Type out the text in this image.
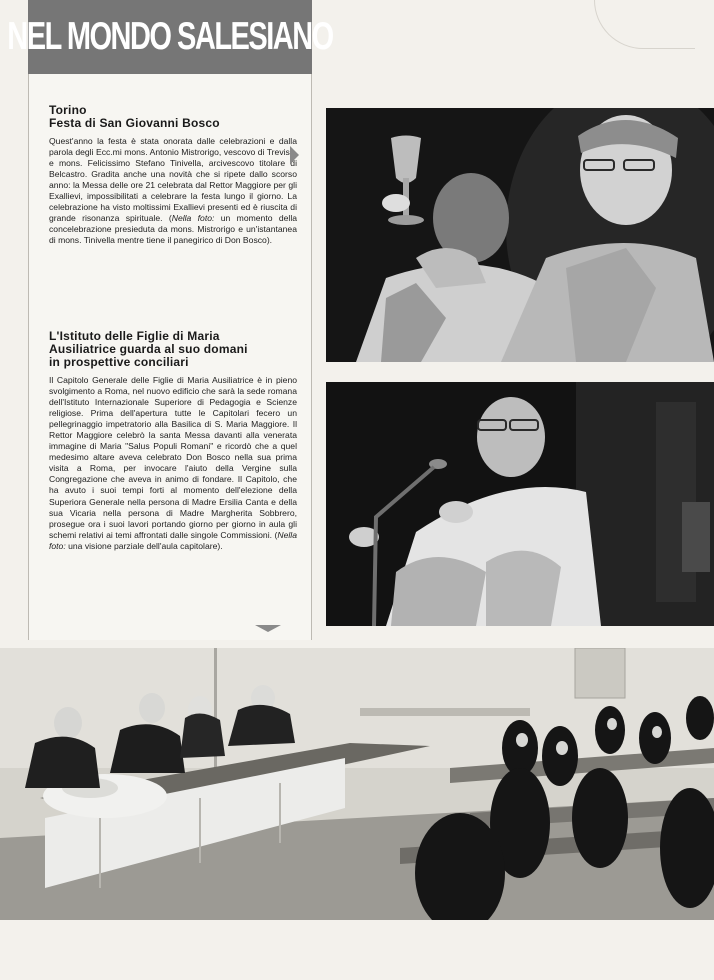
NEL MONDO SALESIANO
Torino
Festa di San Giovanni Bosco

Quest'anno la festa è stata onorata dalle celebrazioni e dalla parola degli Ecc.mi mons. Antonio Mistrorigo, vescovo di Treviso, e mons. Felicissimo Stefano Tinivella, arcivescovo titolare di Belcastro. Gradita anche una novità che si ripete dallo scorso anno: la Messa delle ore 21 celebrata dal Rettor Maggiore per gli Exallievi, impossibilitati a celebrare la festa lungo il giorno. La celebrazione ha visto moltissimi Exallievi presenti ed è riuscita di grande risonanza spirituale. (Nella foto: un momento della concelebrazione presieduta da mons. Mistrorigo e un'istantanea di mons. Tinivella mentre tiene il panegirico di Don Bosco).

L'Istituto delle Figlie di Maria
Ausiliatrice guarda al suo domani
in prospettive conciliari

Il Capitolo Generale delle Figlie di Maria Ausiliatrice è in pieno svolgimento a Roma, nel nuovo edificio che sarà la sede romana dell'Istituto Internazionale Superiore di Pedagogia e Scienze religiose. Prima dell'apertura tutte le Capitolari fecero un pellegrinaggio impetratorio alla Basilica di S. Maria Maggiore. Il Rettor Maggiore celebrò la santa Messa davanti alla venerata immagine di Maria "Salus Populi Romani" e ricordò che a quel medesimo altare aveva celebrato Don Bosco nella sua prima visita a Roma, per invocare l'aiuto della Vergine sulla Congregazione che aveva in animo di fondare. Il Capitolo, che ha avuto i suoi tempi forti al momento dell'elezione della Superiora Generale nella persona di Madre Ersilia Canta e della sua Vicaria nella persona di Madre Margherita Sobbrero, prosegue ora i suoi lavori portando giorno per giorno in aula gli schemi relativi ai temi affrontati dalle singole Commissioni. (Nella foto: una visione parziale dell'aula capitolare).
